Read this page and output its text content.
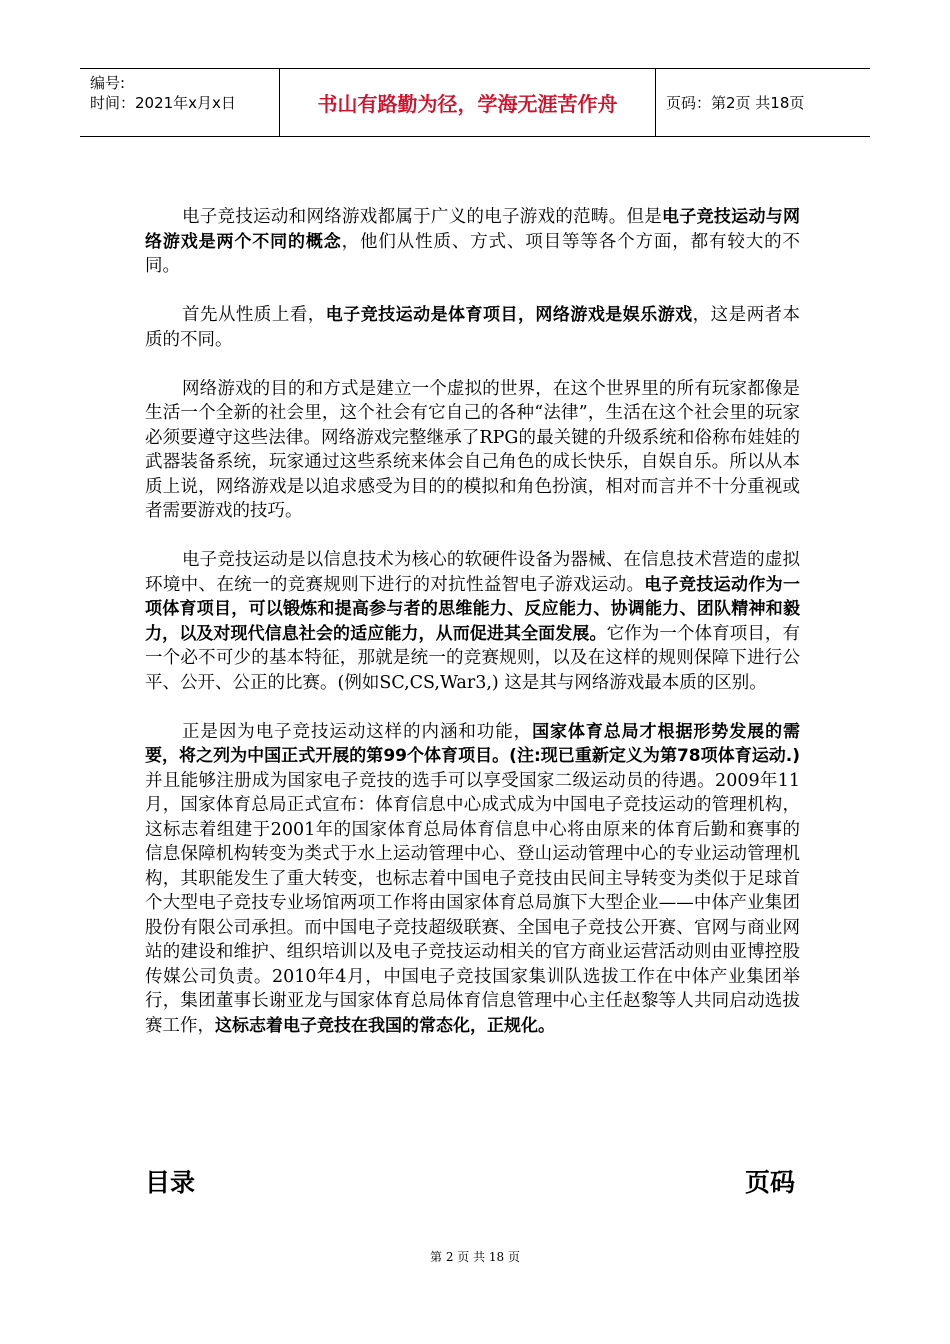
编号:
时间：2021年x月x日	书山有路勤为径，学海无涯苦作舟	页码：第2页 共18页

电子竞技运动和网络游戏都属于广义的电子游戏的范畴。但是电子竞技运动与网络游戏是两个不同的概念，他们从性质、方式、项目等等各个方面，都有较大的不同。

首先从性质上看，电子竞技运动是体育项目，网络游戏是娱乐游戏，这是两者本质的不同。

网络游戏的目的和方式是建立一个虚拟的世界，在这个世界里的所有玩家都像是生活一个全新的社会里，这个社会有它自己的各种“法律”，生活在这个社会里的玩家必须要遵守这些法律。网络游戏完整继承了RPG的最关键的升级系统和俗称布娃娃的武器装备系统，玩家通过这些系统来体会自己角色的成长快乐，自娱自乐。所以从本质上说，网络游戏是以追求感受为目的的模拟和角色扮演，相对而言并不十分重视或者需要游戏的技巧。

电子竞技运动是以信息技术为核心的软硬件设备为器械、在信息技术营造的虚拟环境中、在统一的竞赛规则下进行的对抗性益智电子游戏运动。电子竞技运动作为一项体育项目，可以锻炼和提高参与者的思维能力、反应能力、协调能力、团队精神和毅力，以及对现代信息社会的适应能力，从而促进其全面发展。它作为一个体育项目，有一个必不可少的基本特征，那就是统一的竞赛规则，以及在这样的规则保障下进行公平、公开、公正的比赛。(例如SC,CS,War3,) 这是其与网络游戏最本质的区别。

正是因为电子竞技运动这样的内涵和功能，国家体育总局才根据形势发展的需要，将之列为中国正式开展的第99个体育项目。(注:现已重新定义为第78项体育运动.)并且能够注册成为国家电子竞技的选手可以享受国家二级运动员的待遇。2009年11月，国家体育总局正式宣布：体育信息中心成式成为中国电子竞技运动的管理机构，这标志着组建于2001年的国家体育总局体育信息中心将由原来的体育后勤和赛事的信息保障机构转变为类式于水上运动管理中心、登山运动管理中心的专业运动管理机构，其职能发生了重大转变，也标志着中国电子竞技由民间主导转变为类似于足球首个大型电子竞技专业场馆两项工作将由国家体育总局旗下大型企业——中体产业集团股份有限公司承担。而中国电子竞技超级联赛、全国电子竞技公开赛、官网与商业网站的建设和维护、组织培训以及电子竞技运动相关的官方商业运营活动则由亚博控股传媒公司负责。2010年4月，中国电子竞技国家集训队选拔工作在中体产业集团举行，集团董事长谢亚龙与国家体育总局体育信息管理中心主任赵黎等人共同启动选拔赛工作，这标志着电子竞技在我国的常态化，正规化。

目录	页码
第 2 页 共 18 页
